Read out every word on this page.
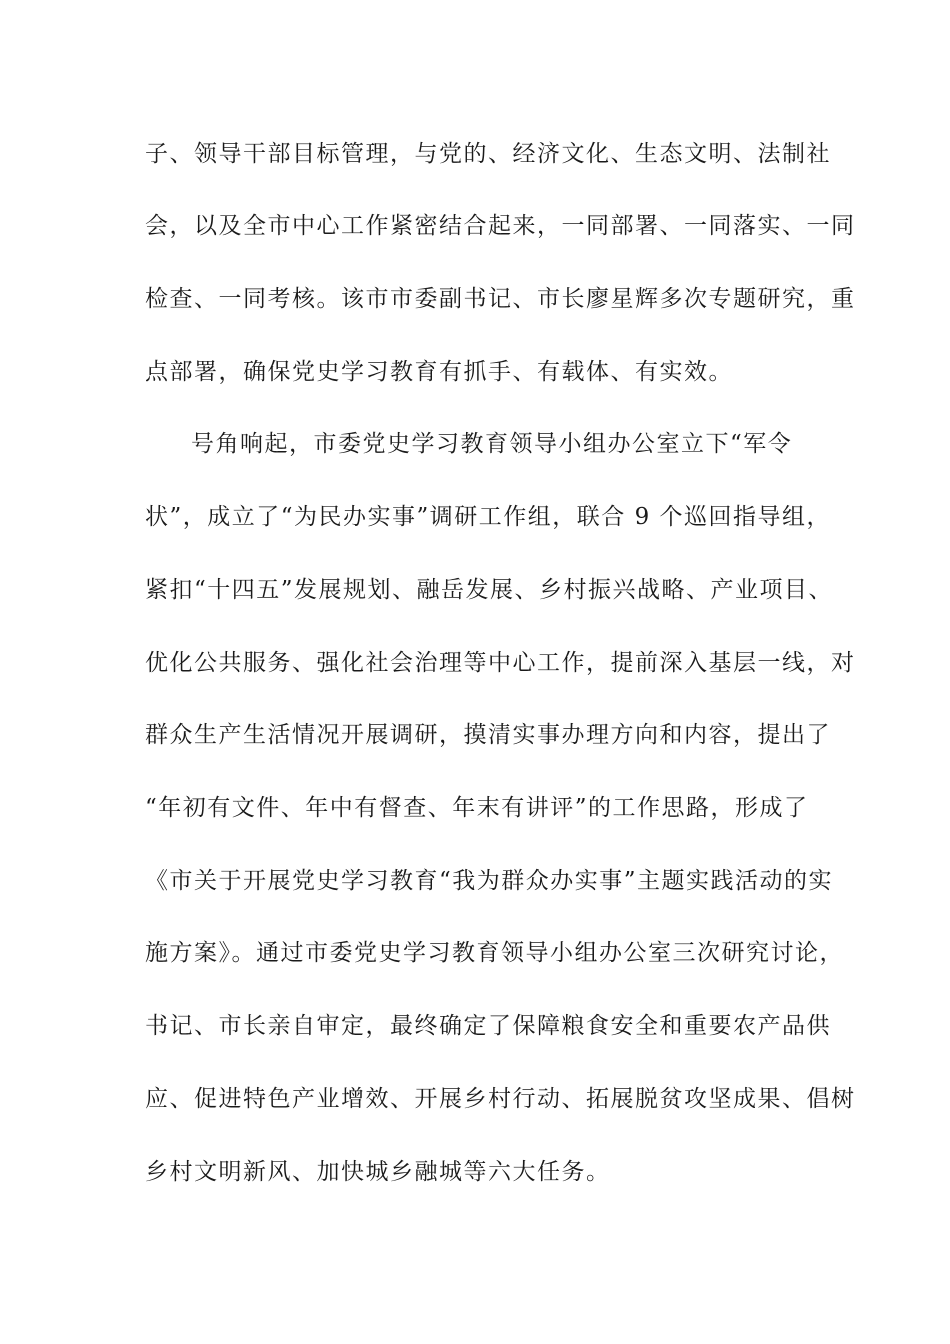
子、领导干部目标管理，与党的、经济文化、生态文明、法制社
会，以及全市中心工作紧密结合起来，一同部署、一同落实、一同
检查、一同考核。该市市委副书记、市长廖星辉多次专题研究，重
点部署，确保党史学习教育有抓手、有载体、有实效。
号角响起，市委党史学习教育领导小组办公室立下“军令
状”，成立了“为民办实事”调研工作组，联合 9 个巡回指导组，
紧扣“十四五”发展规划、融岳发展、乡村振兴战略、产业项目、
优化公共服务、强化社会治理等中心工作，提前深入基层一线，对
群众生产生活情况开展调研，摸清实事办理方向和内容，提出了
“年初有文件、年中有督查、年末有讲评”的工作思路，形成了
《市关于开展党史学习教育“我为群众办实事”主题实践活动的实
施方案》。通过市委党史学习教育领导小组办公室三次研究讨论，
书记、市长亲自审定，最终确定了保障粮食安全和重要农产品供
应、促进特色产业增效、开展乡村行动、拓展脱贫攻坚成果、倡树
乡村文明新风、加快城乡融城等六大任务。
